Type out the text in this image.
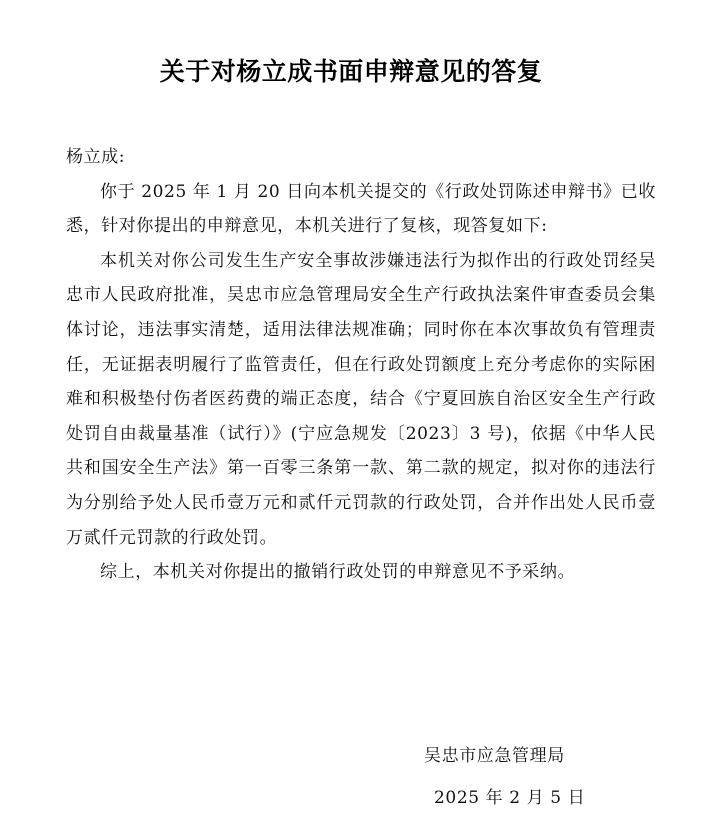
关于对杨立成书面申辩意见的答复

杨立成:

你于 2025 年 1 月 20 日向本机关提交的《行政处罚陈述申辩书》已收悉，针对你提出的申辩意见，本机关进行了复核，现答复如下:

本机关对你公司发生生产安全事故涉嫌违法行为拟作出的行政处罚经吴忠市人民政府批准，吴忠市应急管理局安全生产行政执法案件审查委员会集体讨论，违法事实清楚，适用法律法规准确；同时你在本次事故负有管理责任，无证据表明履行了监管责任，但在行政处罚额度上充分考虑你的实际困难和积极垫付伤者医药费的端正态度，结合《宁夏回族自治区安全生产行政处罚自由裁量基准（试行）》(宁应急规发〔2023〕3 号)，依据《中华人民共和国安全生产法》第一百零三条第一款、第二款的规定，拟对你的违法行为分别给予处人民币壹万元和贰仟元罚款的行政处罚，合并作出处人民币壹万贰仟元罚款的行政处罚。

综上，本机关对你提出的撤销行政处罚的申辩意见不予采纳。

吴忠市应急管理局
2025 年 2 月 5 日
